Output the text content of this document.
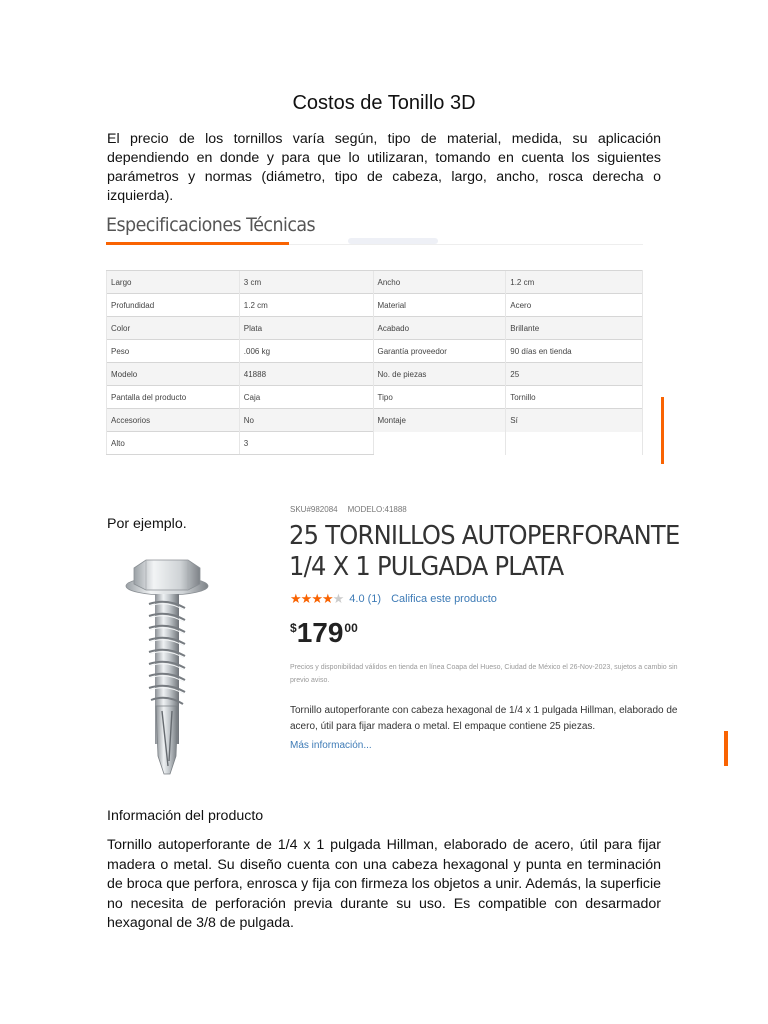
Costos de Tonillo 3D

El precio de los tornillos varía según, tipo de material, medida, su aplicación dependiendo en donde y para que lo utilizaran, tomando en cuenta los siguientes parámetros y normas (diámetro, tipo de cabeza, largo, ancho, rosca derecha o izquierda).

Especificaciones Técnicas
Largo	3 cm	Ancho	1.2 cm
Profundidad	1.2 cm	Material	Acero
Color	Plata	Acabado	Brillante
Peso	.006 kg	Garantía proveedor	90 días en tienda
Modelo	41888	No. de piezas	25
Pantalla del producto	Caja	Tipo	Tornillo
Accesorios	No	Montaje	Sí
Alto	3		
Por ejemplo.
SKU#982084 MODELO:41888
25 TORNILLOS AUTOPERFORANTE
1/4 X 1 PULGADA PLATA
★★★★★ 4.0 (1) Califica este producto
$ 179 00
Precios y disponibilidad válidos en tienda en línea Coapa del Hueso, Ciudad de México el 26-Nov-2023, sujetos a cambio sin previo aviso.
Tornillo autoperforante con cabeza hexagonal de 1/4 x 1 pulgada Hillman, elaborado de acero, útil para fijar madera o metal. El empaque contiene 25 piezas.
Más información...
Información del producto

Tornillo autoperforante de 1/4 x 1 pulgada Hillman, elaborado de acero, útil para fijar madera o metal. Su diseño cuenta con una cabeza hexagonal y punta en terminación de broca que perfora, enrosca y fija con firmeza los objetos a unir. Además, la superficie no necesita de perforación previa durante su uso. Es compatible con desarmador hexagonal de 3/8 de pulgada.
